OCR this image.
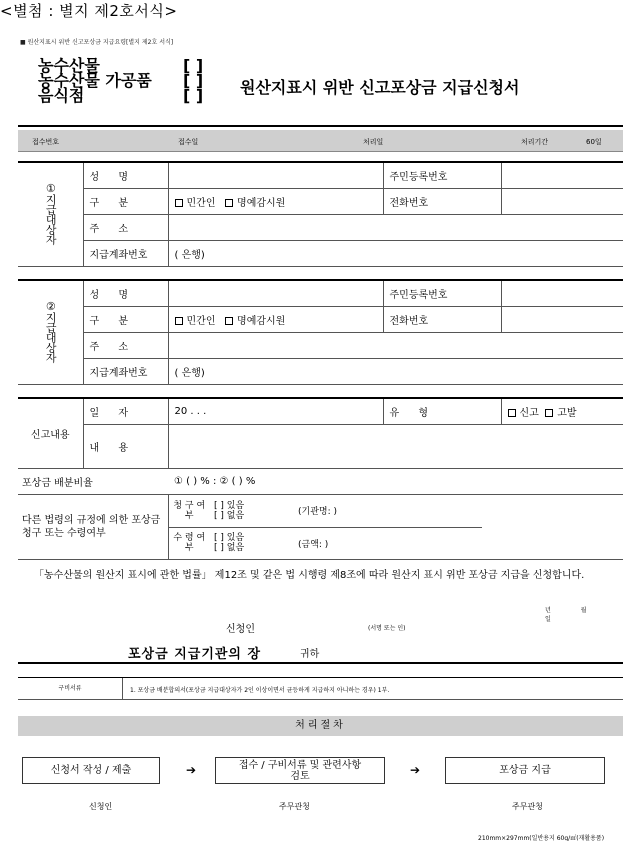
<별첨 : 별지 제2호서식>
■ 원산지표시 위반 신고포상금 지급요령[별지 제2호 서식]
농수산물	[ ]
농수산물 가공품	[ ]
음식점	[ ]	원산지표시 위반 신고포상금 지급신청서
접수번호	접수일	처리일	처리기간	60일
①지급대상자	성 명		주민등록번호	
	구 분	민간인 명예감시원	전화번호	
	주 소			
	지급계좌번호	( 은행)		
②지급대상자	성 명		주민등록번호	
	구 분	민간인 명예감시원	전화번호	
	주 소			
	지급계좌번호	( 은행)		
신고내용	일 자	20 . . .	유 형	신고 고발
	내 용			
포상금 배분비율	① ( ) % : ② ( ) %
다른 법령의 규정에 의한 포상금 청구 또는 수령여부	청 구 여부	[ ] 있음
[ ] 없음	(기관명: )	
	수 령 여부	[ ] 있음
[ ] 없음	(금액: )	
「농수산물의 원산지 표시에 관한 법률」 제12조 및 같은 법 시행령 제8조에 따라 원산지 표시 위반 포상금 지급을 신청합니다.
년 월 일
신청인	(서명 또는 인)
포상금 지급기관의 장	귀하
구비서류	1. 포상금 배분합의서(포상금 지급대상자가 2인 이상이면서 균등하게 지급하지 아니하는 경우) 1부.
처리절차
신청서 작성 / 제출	➔	접수 / 구비서류 및 관련사항 검토	➔	포상금 지급
신청인	주무관청	주무관청
210mm×297mm(일반용지 60g/㎡(재활용품)
